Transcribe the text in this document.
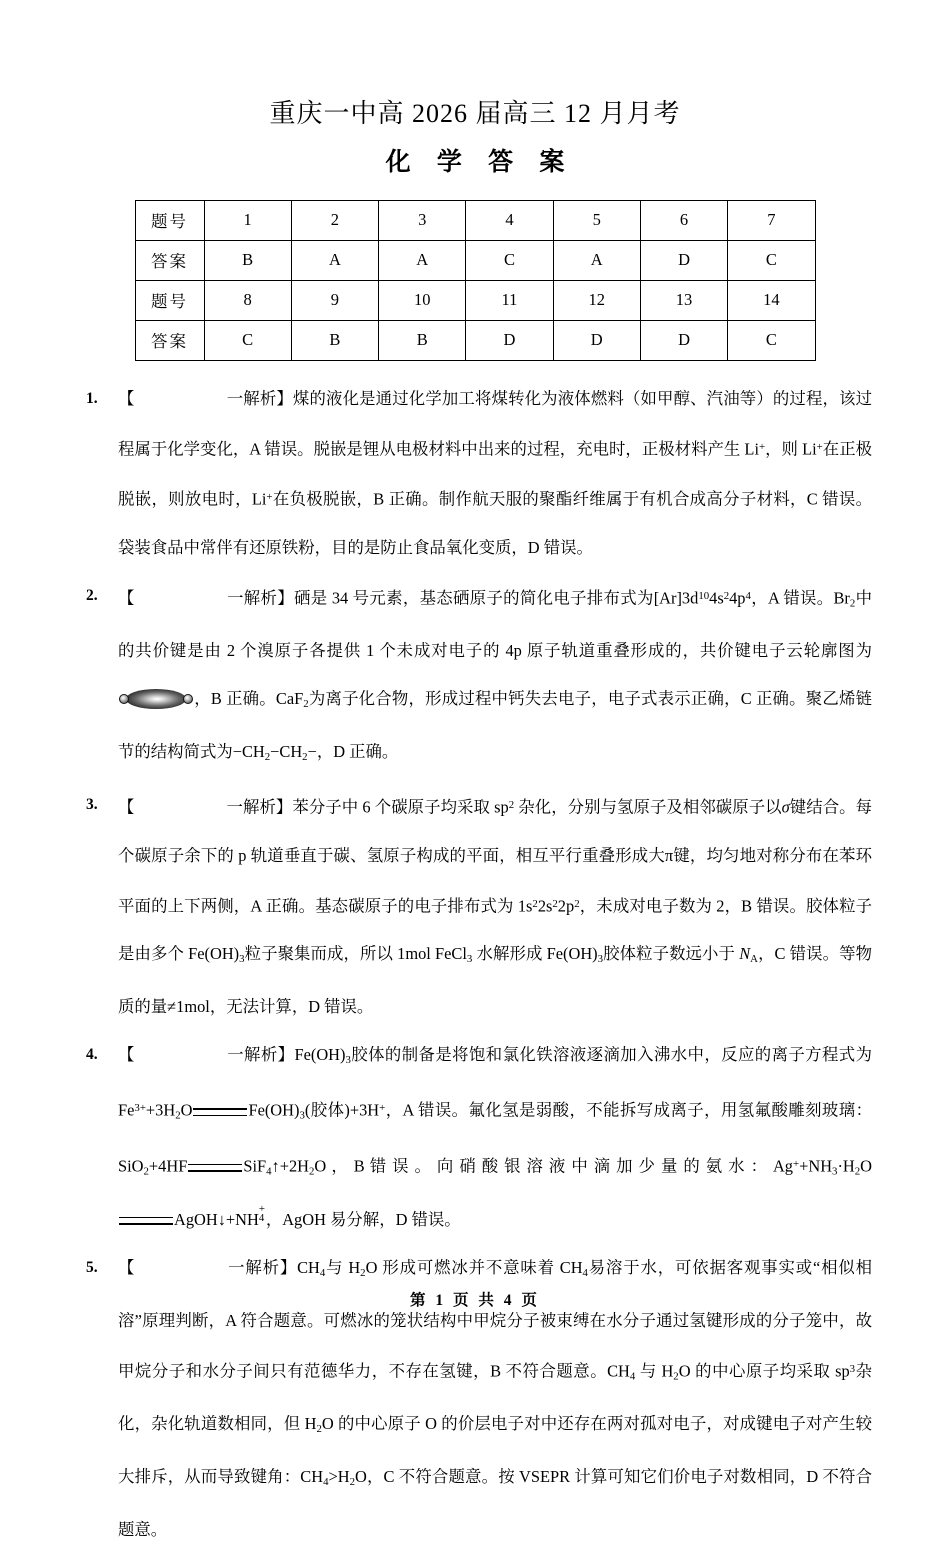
重庆一中高 2026 届高三 12 月月考
化 学 答 案
题号	1	2	3	4	5	6	7
答案	B	A	A	C	A	D	C
题号	8	9	10	11	12	13	14
答案	C	B	B	D	D	D	C
1. 【	一解析】煤的液化是通过化学加工将煤转化为液体燃料（如甲醇、汽油等）的过程，该过程属于化学变化，A 错误。脱嵌是锂从电极材料中出来的过程，充电时，正极材料产生 Li+，则 Li+在正极脱嵌，则放电时，Li+在负极脱嵌，B 正确。制作航天服的聚酯纤维属于有机合成高分子材料，C 错误。袋装食品中常伴有还原铁粉，目的是防止食品氧化变质，D 错误。
2. 【	一解析】硒是 34 号元素，基态硒原子的简化电子排布式为$[Ar]3d^{10}4s^24p^4$，A 错误。$Br_2$中的共价键是由 2 个溴原子各提供 1 个未成对电子的 4p 原子轨道重叠形成的，共价键电子云轮廓图为
，B 正确。CaF$_2$为离子化合物，形成过程中钙失去电子，电子式表示正确，C 正确。聚乙烯链节的结构简式为$-CH_2-CH_2-$，D 正确。
3. 【	一解析】苯分子中 6 个碳原子均采取 $sp^2$ 杂化，分别与氢原子及相邻碳原子以σ键结合。每个碳原子余下的 p 轨道垂直于碳、氢原子构成的平面，相互平行重叠形成大π键，均匀地对称分布在苯环平面的上下两侧，A 正确。基态碳原子的电子排布式为 $1s^22s^22p^2$，未成对电子数为 2，B 错误。胶体粒子是由多个 $Fe(OH)_3$粒子聚集而成，所以 1mol FeCl$_3$ 水解形成 $Fe(OH)_3$胶体粒子数远小于 $N_A$，C 错误。等物质的量≠1mol，无法计算，D 错误。
4. 【	一解析】$Fe(OH)_3$胶体的制备是将饱和氯化铁溶液逐滴加入沸水中，反应的离子方程式为 $Fe^{3+}+3H_2O$	$Fe(OH)_3$(胶体)+3H+，A 错误。氟化氢是弱酸，不能拆写成离子，用氢氟酸雕刻玻璃： SiO$_2$+4HF	$SiF_4↑+2H_2O$ ， B 错 误 。 向 硝 酸 银 溶 液 中 滴 加 少 量 的 氨 水 ： $Ag^++NH_3\cdot H_2OAgOH↓+NH$
+
4 ，AgOH 易分解，D 错误。
5. 【	一解析】$CH_4$与 $H_2O$ 形成可燃冰并不意味着 $CH_4$易溶于水，可依据客观事实或“相似相溶”原理判断，A 符合题意。可燃冰的笼状结构中甲烷分子被束缚在水分子通过氢键形成的分子笼中，故甲烷分子和水分子间只有范德华力，不存在氢键，B 不符合题意。$CH_4$ 与 $H_2O$ 的中心原子均采取 $sp^3$杂化，杂化轨道数相同，但 $H_2O$ 的中心原子 O 的价层电子对中还存在两对孤对电子，对成键电子对产生较大排斥，从而导致键角：$CH_4>H_2O$，C 不符合题意。按 VSEPR 计算可知它们价电子对数相同，D 不符合题意。
第 1 页 共 4 页
